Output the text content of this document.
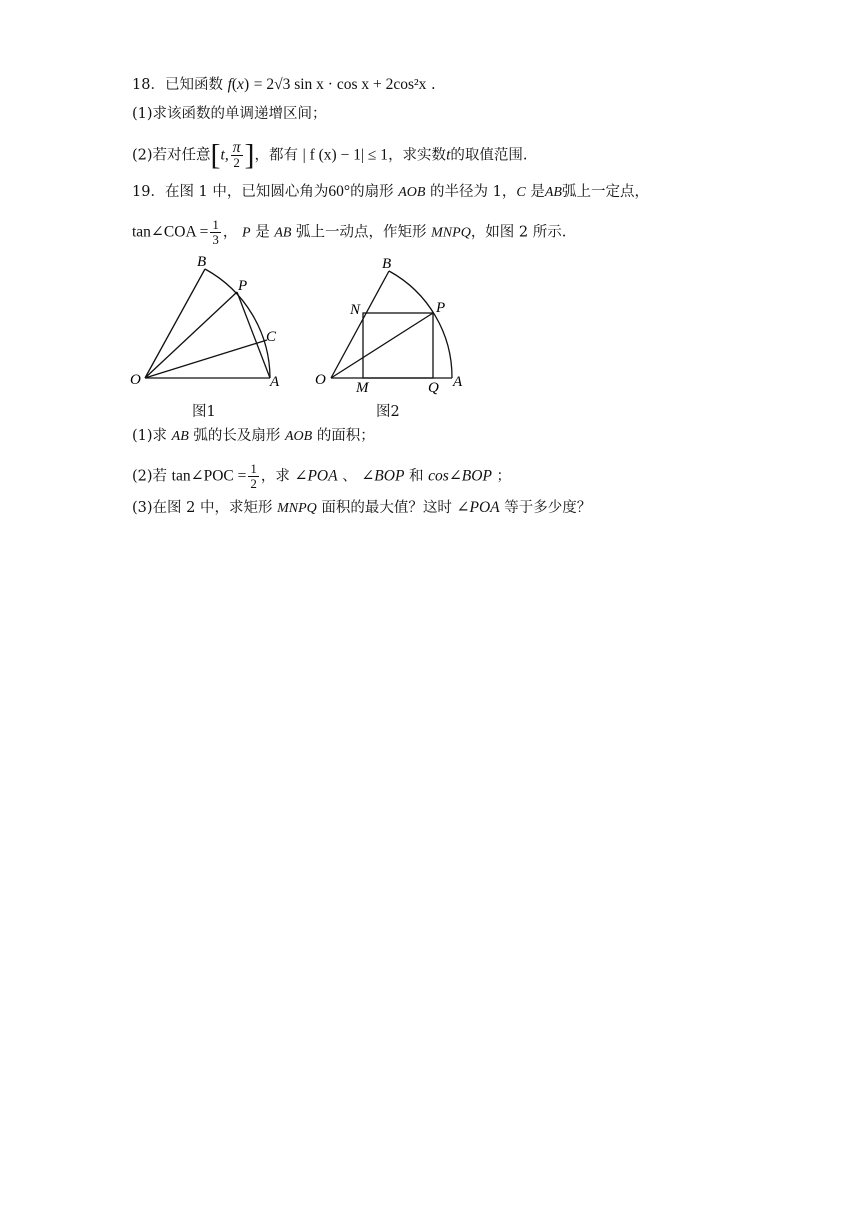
18．已知函数 f(x) = 2√3 sin x · cos x + 2cos²x .
(1)求该函数的单调递增区间；
(2)若对任意[t, $\frac{\pi}{2}$ ]，都有 | f (x) − 1| ≤ 1，求实数t的取值范围.
19．在图 1 中，已知圆心角为60°的扇形 AOB 的半径为 1，C 是AB弧上一定点，
tan∠COA = $\frac{1}{3}$ ， P 是 AB 弧上一动点，作矩形 MNPQ，如图 2 所示.
B
P
C
O	A
图1
B
N	P
O M	Q A
图2
(1)求 AB 弧的长及扇形 AOB 的面积；
(2)若 tan∠POC = $\frac{1}{2}$ ，求 ∠POA 、 ∠BOP 和 cos∠BOP ；
(3)在图 2 中，求矩形 MNPQ 面积的最大值？这时 ∠POA 等于多少度？
